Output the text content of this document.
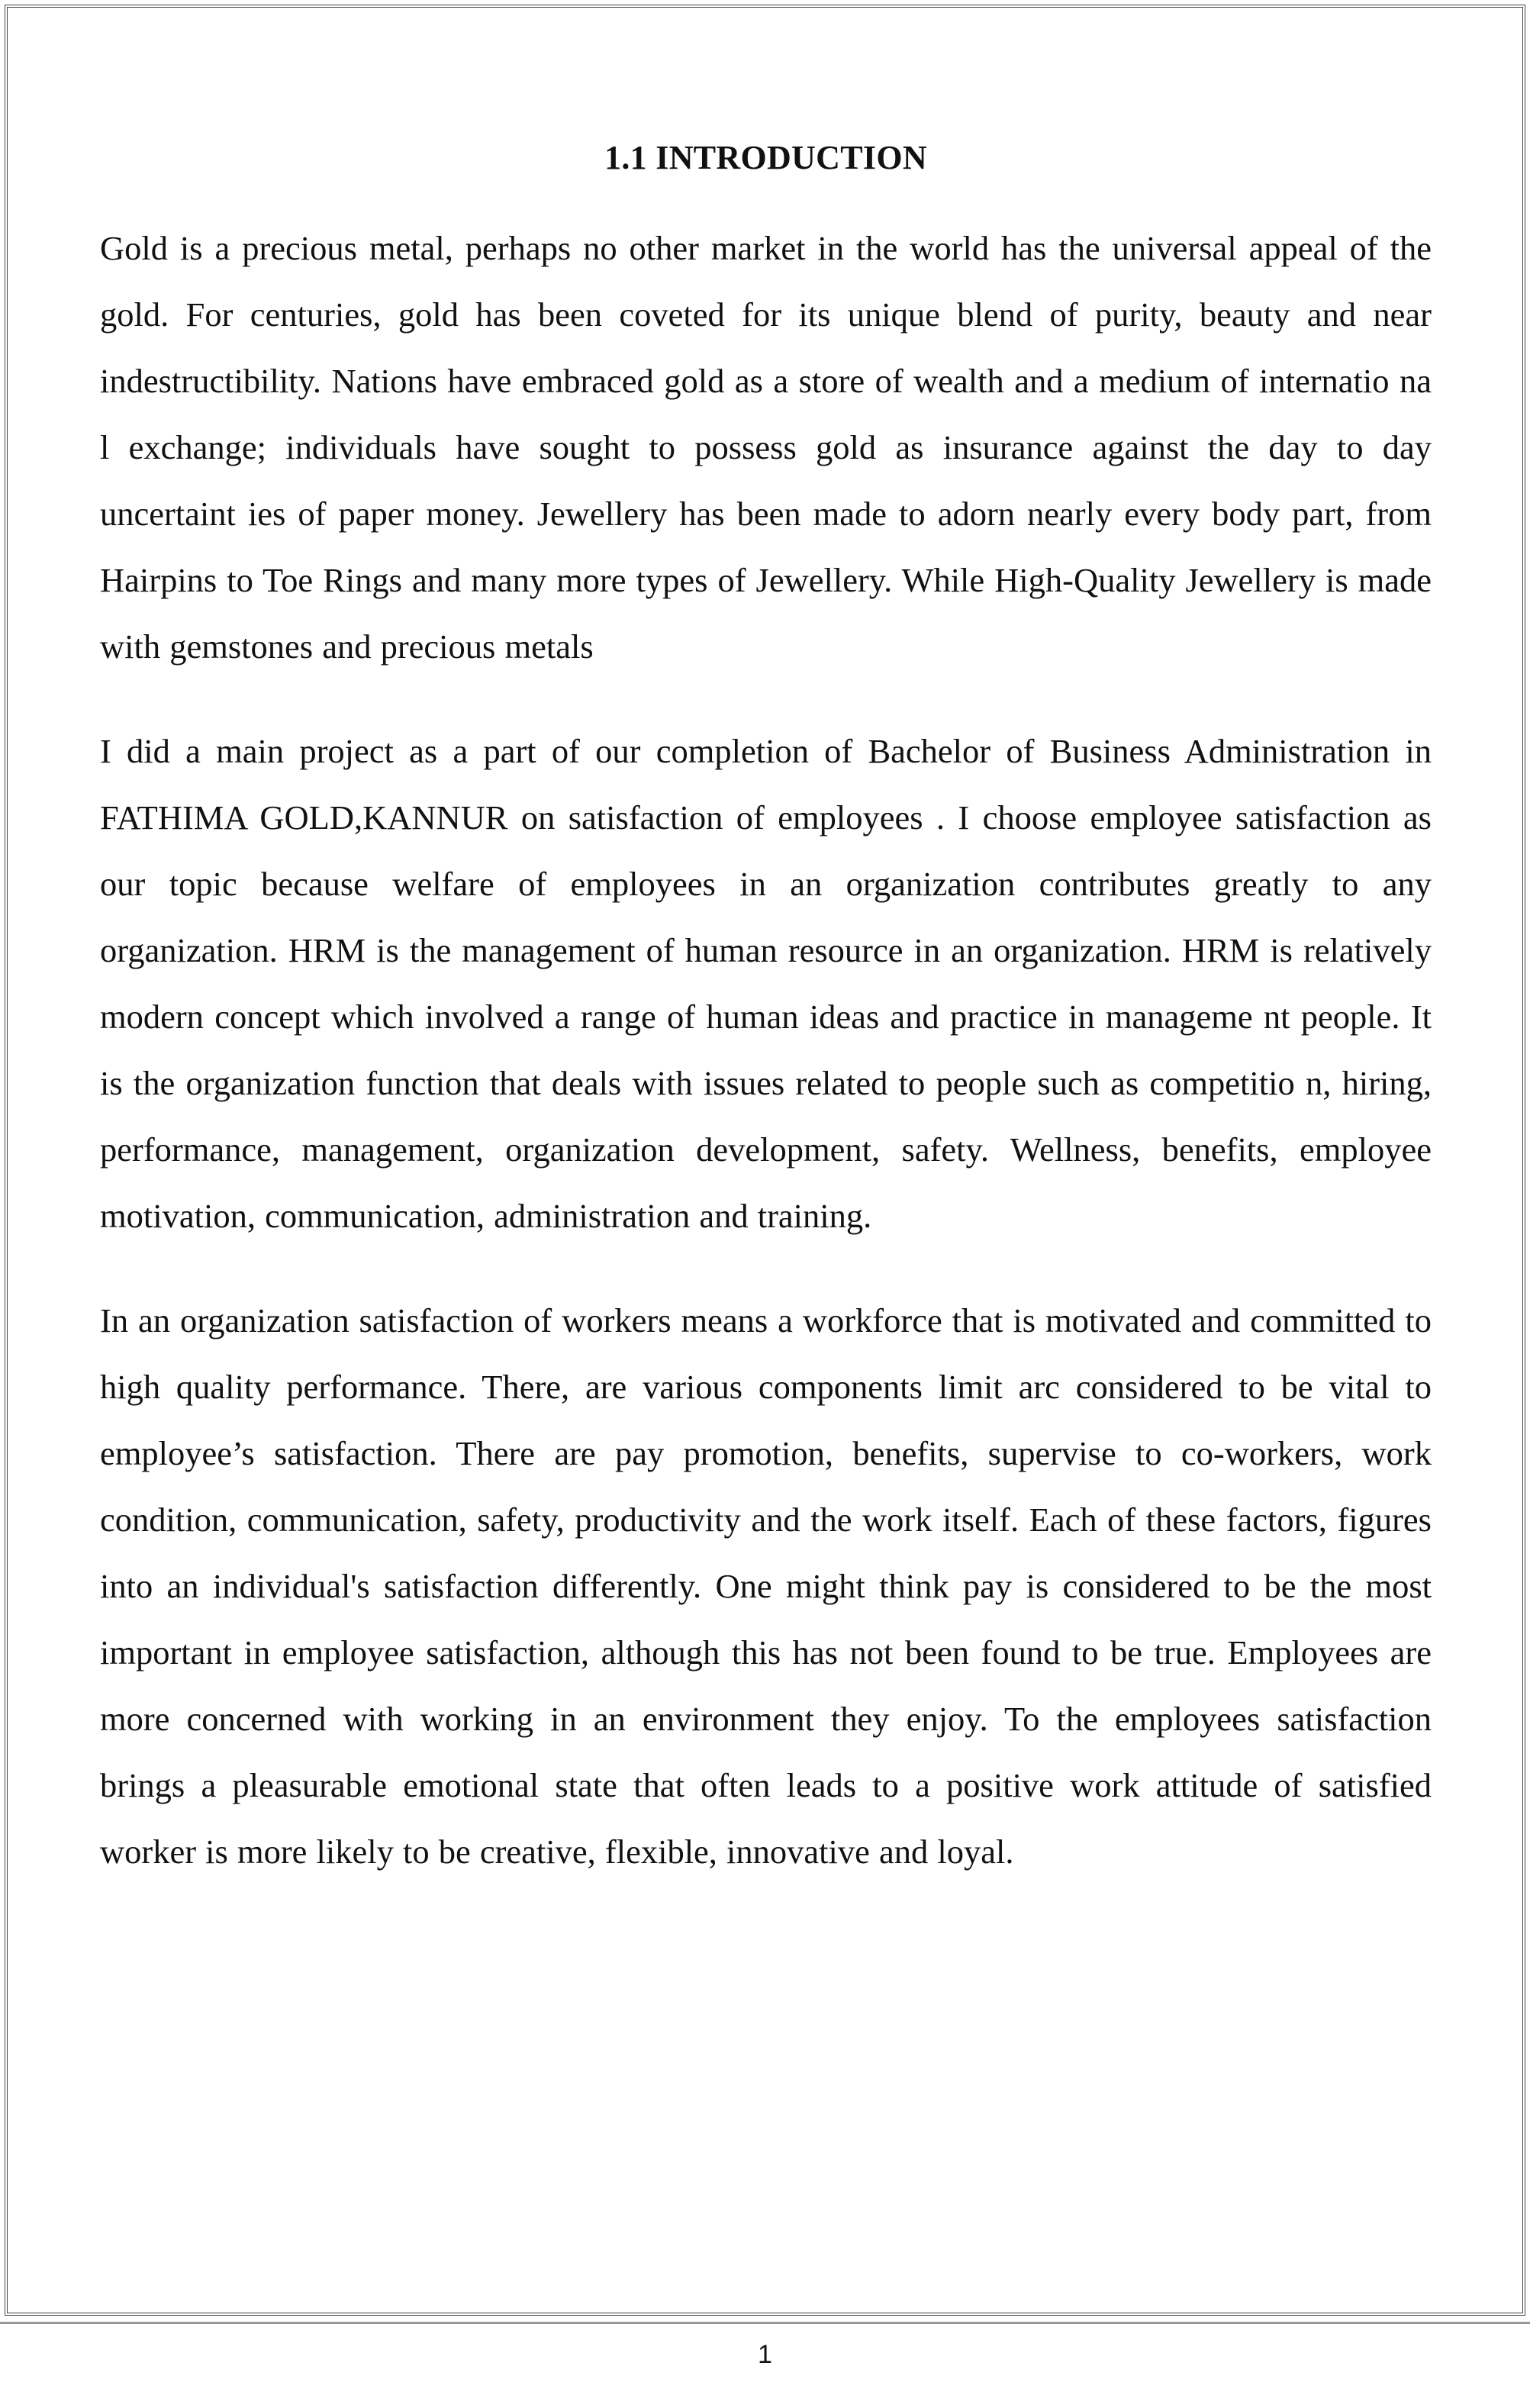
1.1 INTRODUCTION

Gold is a precious metal, perhaps no other market in the world has the universal appeal of the gold. For centuries, gold has been coveted for its unique blend of purity, beauty and near indestructibility. Nations have embraced gold as a store of wealth and a medium of internatio na l exchange; individuals have sought to possess gold as insurance against the day to day uncertaint ies of paper money. Jewellery has been made to adorn nearly every body part, from Hairpins to Toe Rings and many more types of Jewellery. While High-Quality Jewellery is made with gemstones and precious metals

I did a main project as a part of our completion of Bachelor of Business Administration in FATHIMA GOLD,KANNUR on satisfaction of employees . I choose employee satisfaction as our topic because welfare of employees in an organization contributes greatly to any organization. HRM is the management of human resource in an organization. HRM is relatively modern concept which involved a range of human ideas and practice in manageme nt people. It is the organization function that deals with issues related to people such as competitio n, hiring, performance, management, organization development, safety. Wellness, benefits, employee motivation, communication, administration and training.

In an organization satisfaction of workers means a workforce that is motivated and committed to high quality performance. There, are various components limit arc considered to be vital to employee’s satisfaction. There are pay promotion, benefits, supervise to co-workers, work condition, communication, safety, productivity and the work itself. Each of these factors, figures into an individual's satisfaction differently. One might think pay is considered to be the most important in employee satisfaction, although this has not been found to be true. Employees are more concerned with working in an environment they enjoy. To the employees satisfaction brings a pleasurable emotional state that often leads to a positive work attitude of satisfied worker is more likely to be creative, flexible, innovative and loyal.

1
